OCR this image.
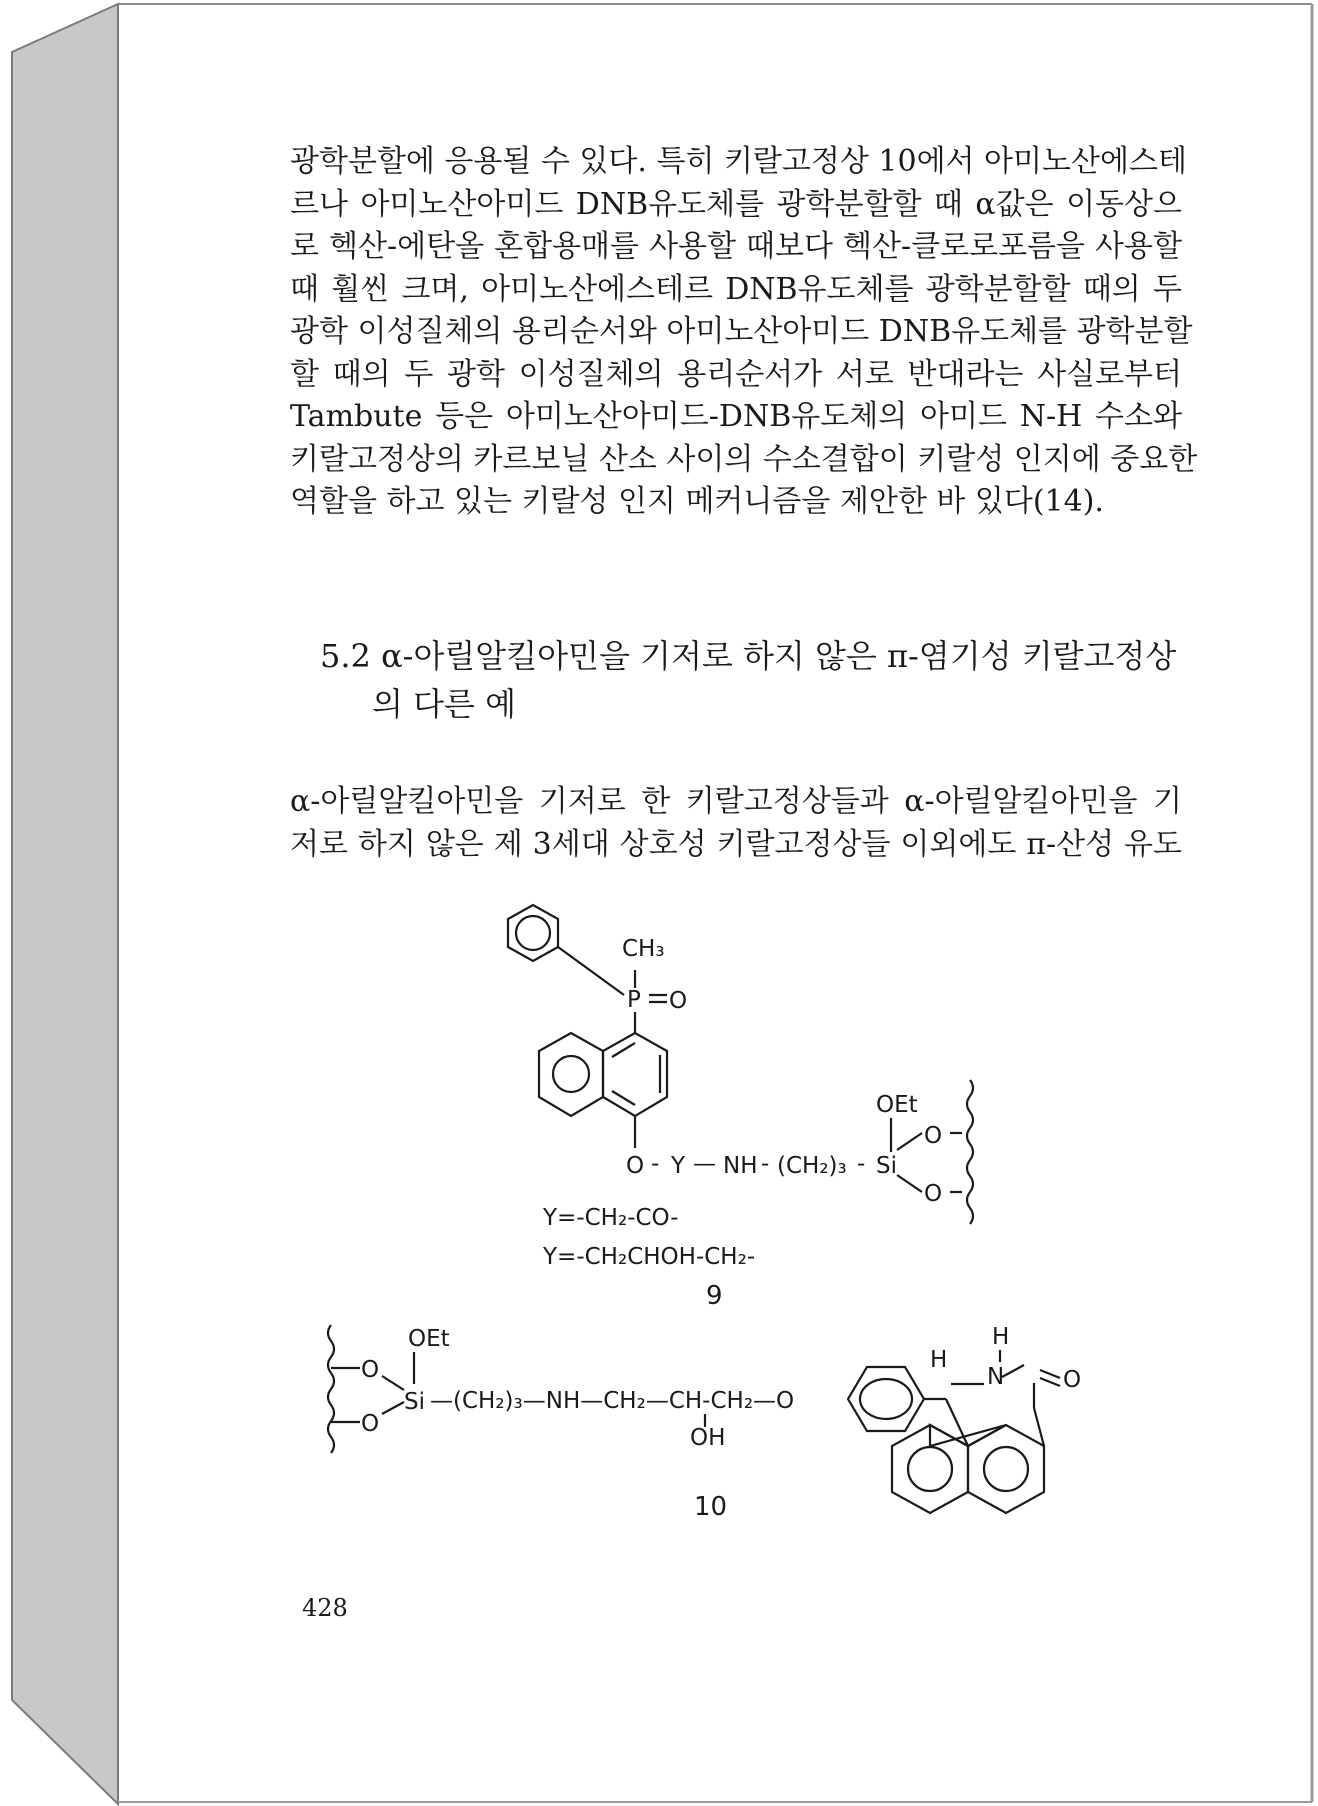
광학분할에 응용될 수 있다. 특히 키랄고정상 10에서 아미노산에스테
르나 아미노산아미드 DNB유도체를 광학분할할 때 α값은 이동상으
로 헥산-에탄올 혼합용매를 사용할 때보다 헥산-클로로포름을 사용할
때 훨씬 크며, 아미노산에스테르 DNB유도체를 광학분할할 때의 두
광학 이성질체의 용리순서와 아미노산아미드 DNB유도체를 광학분할
할 때의 두 광학 이성질체의 용리순서가 서로 반대라는 사실로부터
Tambute 등은 아미노산아미드-DNB유도체의 아미드 N-H 수소와
키랄고정상의 카르보닐 산소 사이의 수소결합이 키랄성 인지에 중요한
역할을 하고 있는 키랄성 인지 메커니즘을 제안한 바 있다(14).

5.2 α-아릴알킬아민을 기저로 하지 않은 π-염기성 키랄고정상
의 다른 예

α-아릴알킬아민을 기저로 한 키랄고정상들과 α-아릴알킬아민을 기
저로 하지 않은 제 3세대 상호성 키랄고정상들 이외에도 π-산성 유도

CH₃
P O
O - Y — NH - (CH₂)₃ - Si
OEt
O
O
Y=-CH₂-CO-
Y=-CH₂CHOH-CH₂-
9
OEt
O
O
Si —(CH₂)₃—NH—CH₂—CH-CH₂—O
OH
H
H
N	O
10
428
